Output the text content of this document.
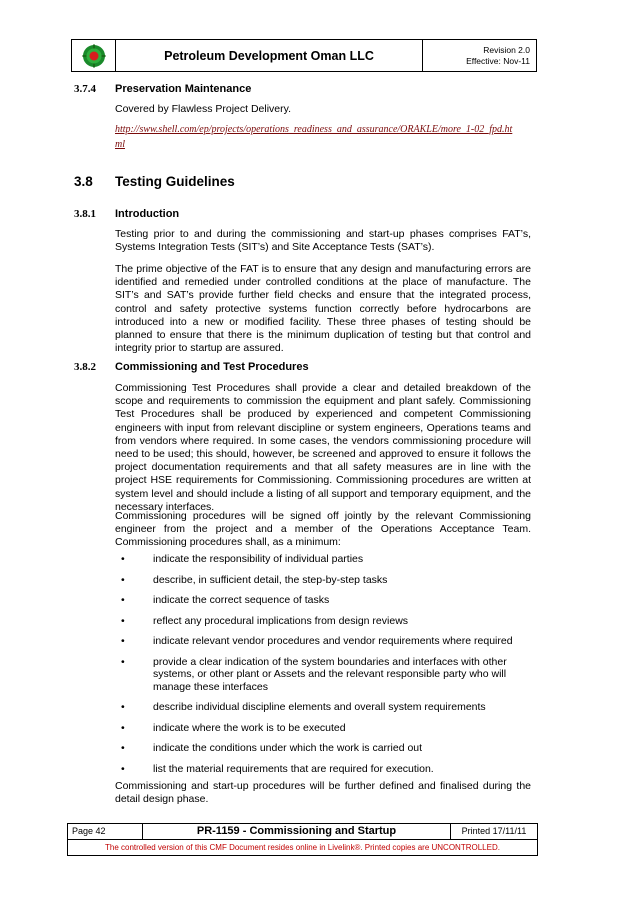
Petroleum Development Oman LLC	Revision 2.0
Effective: Nov-11
3.7.4 Preservation Maintenance
Covered by Flawless Project Delivery.
http://sww.shell.com/ep/projects/operations_readiness_and_assurance/ORAKLE/more_1-02_fpd.html
3.8 Testing Guidelines
3.8.1 Introduction
Testing prior to and during the commissioning and start-up phases comprises FAT’s, Systems Integration Tests (SIT’s) and Site Acceptance Tests (SAT’s).
The prime objective of the FAT is to ensure that any design and manufacturing errors are identified and remedied under controlled conditions at the place of manufacture. The SIT’s and SAT’s provide further field checks and ensure that the integrated process, control and safety protective systems function correctly before hydrocarbons are introduced into a new or modified facility. These three phases of testing should be planned to ensure that there is the minimum duplication of testing but that control and integrity prior to startup are assured.
3.8.2 Commissioning and Test Procedures
Commissioning Test Procedures shall provide a clear and detailed breakdown of the scope and requirements to commission the equipment and plant safely. Commissioning Test Procedures shall be produced by experienced and competent Commissioning engineers with input from relevant discipline or system engineers, Operations teams and from vendors where required. In some cases, the vendors commissioning procedure will need to be used; this should, however, be screened and approved to ensure it follows the project documentation requirements and that all safety measures are in line with the project HSE requirements for Commissioning. Commissioning procedures are written at system level and should include a listing of all support and temporary equipment, and the necessary interfaces.
Commissioning procedures will be signed off jointly by the relevant Commissioning engineer from the project and a member of the Operations Acceptance Team. Commissioning procedures shall, as a minimum:
•	indicate the responsibility of individual parties
•	describe, in sufficient detail, the step-by-step tasks
•	indicate the correct sequence of tasks
•	reflect any procedural implications from design reviews
•	indicate relevant vendor procedures and vendor requirements where required
•	provide a clear indication of the system boundaries and interfaces with other systems, or other plant or Assets and the relevant responsible party who will manage these interfaces
•	describe individual discipline elements and overall system requirements
•	indicate where the work is to be executed
•	indicate the conditions under which the work is carried out
•	list the material requirements that are required for execution.
Commissioning and start-up procedures will be further defined and finalised during the detail design phase.
Page 42	PR-1159 - Commissioning and Startup	Printed 17/11/11
The controlled version of this CMF Document resides online in Livelink®. Printed copies are UNCONTROLLED.
